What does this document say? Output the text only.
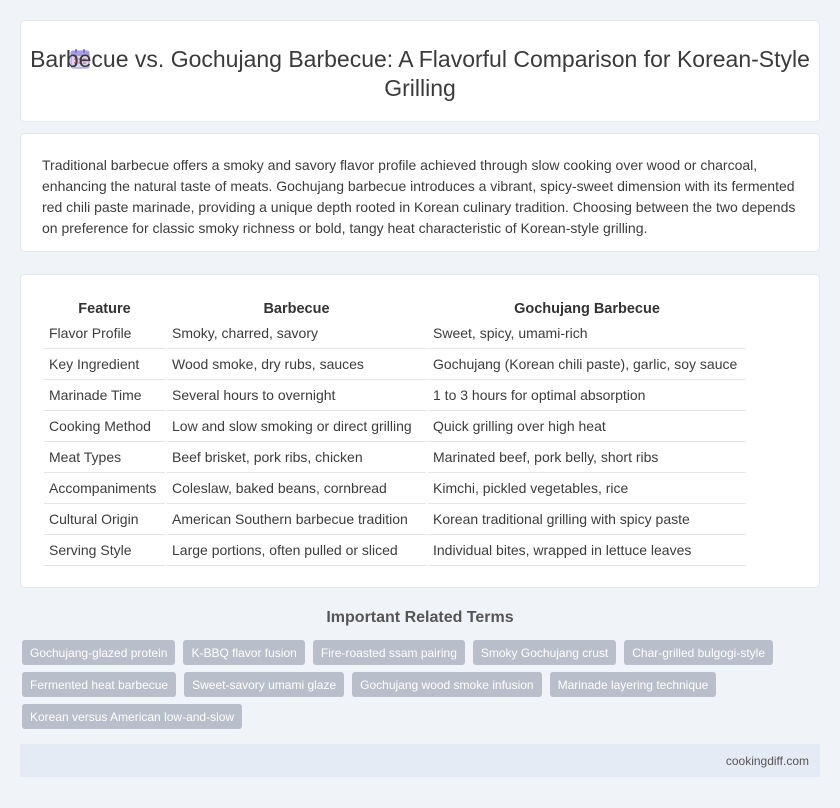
Barbecue vs. Gochujang Barbecue: A Flavorful Comparison for Korean-Style Grilling

Traditional barbecue offers a smoky and savory flavor profile achieved through slow cooking over wood or charcoal, enhancing the natural taste of meats. Gochujang barbecue introduces a vibrant, spicy-sweet dimension with its fermented red chili paste marinade, providing a unique depth rooted in Korean culinary tradition. Choosing between the two depends on preference for classic smoky richness or bold, tangy heat characteristic of Korean-style grilling.

Feature	Barbecue	Gochujang Barbecue
Flavor Profile	Smoky, charred, savory	Sweet, spicy, umami-rich
Key Ingredient	Wood smoke, dry rubs, sauces	Gochujang (Korean chili paste), garlic, soy sauce
Marinade Time	Several hours to overnight	1 to 3 hours for optimal absorption
Cooking Method	Low and slow smoking or direct grilling	Quick grilling over high heat
Meat Types	Beef brisket, pork ribs, chicken	Marinated beef, pork belly, short ribs
Accompaniments	Coleslaw, baked beans, cornbread	Kimchi, pickled vegetables, rice
Cultural Origin	American Southern barbecue tradition	Korean traditional grilling with spicy paste
Serving Style	Large portions, often pulled or sliced	Individual bites, wrapped in lettuce leaves
Important Related Terms
Gochujang-glazed protein	K-BBQ flavor fusion	Fire-roasted ssam pairing	Smoky Gochujang crust	Char-grilled bulgogi-style
Fermented heat barbecue	Sweet-savory umami glaze	Gochujang wood smoke infusion	Marinade layering technique
Korean versus American low-and-slow
cookingdiff.com
